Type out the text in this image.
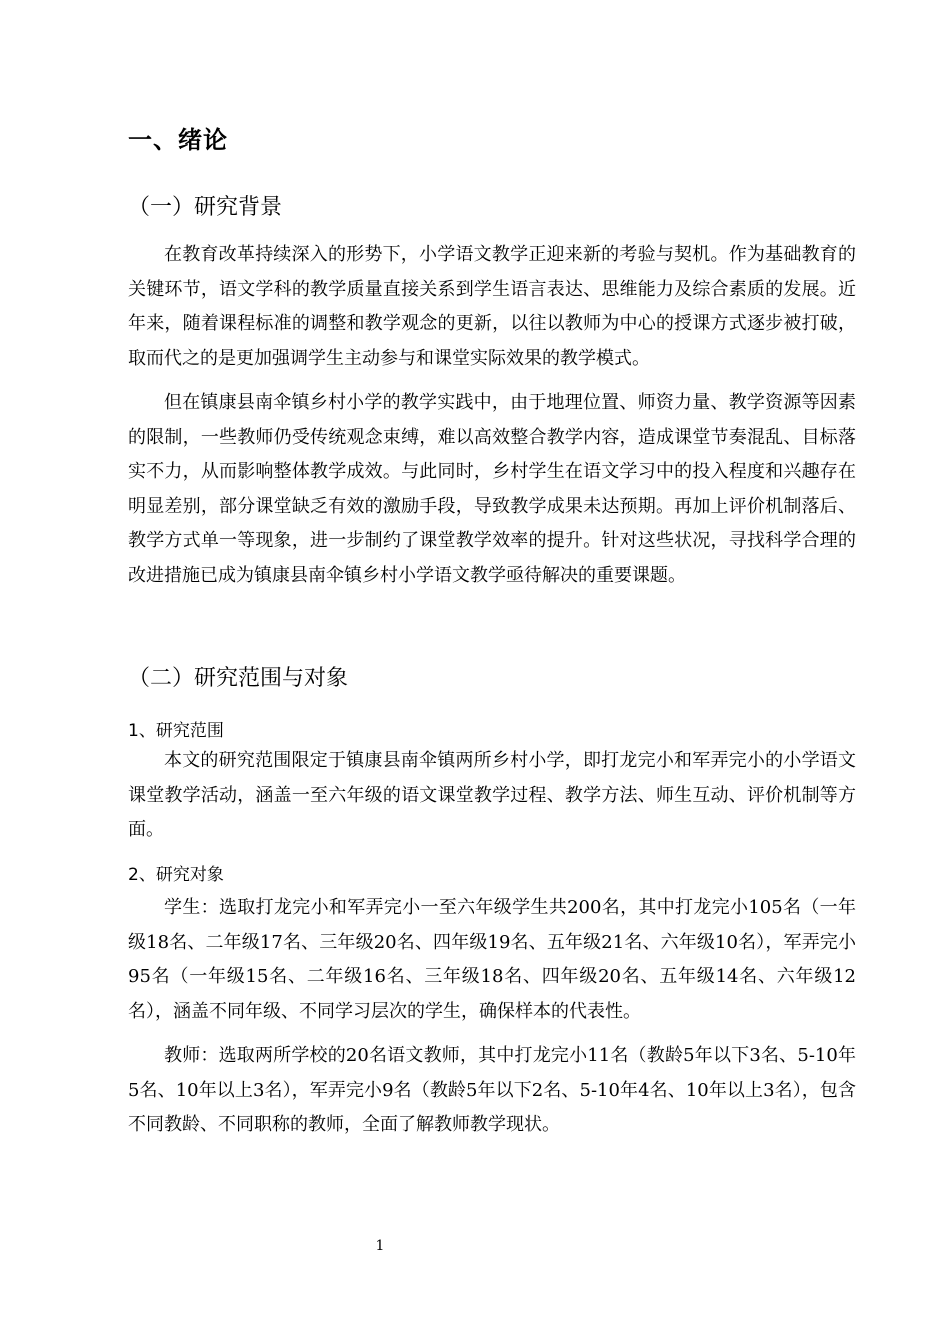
一、绪论
（一）研究背景

在教育改革持续深入的形势下，小学语文教学正迎来新的考验与契机。作为基础教育的关键环节，语文学科的教学质量直接关系到学生语言表达、思维能力及综合素质的发展。近年来，随着课程标准的调整和教学观念的更新，以往以教师为中心的授课方式逐步被打破，取而代之的是更加强调学生主动参与和课堂实际效果的教学模式。

但在镇康县南伞镇乡村小学的教学实践中，由于地理位置、师资力量、教学资源等因素的限制，一些教师仍受传统观念束缚，难以高效整合教学内容，造成课堂节奏混乱、目标落实不力，从而影响整体教学成效。与此同时，乡村学生在语文学习中的投入程度和兴趣存在明显差别，部分课堂缺乏有效的激励手段，导致教学成果未达预期。再加上评价机制落后、教学方式单一等现象，进一步制约了课堂教学效率的提升。针对这些状况，寻找科学合理的改进措施已成为镇康县南伞镇乡村小学语文教学亟待解决的重要课题。

（二）研究范围与对象
1、研究范围

本文的研究范围限定于镇康县南伞镇两所乡村小学，即打龙完小和军弄完小的小学语文课堂教学活动，涵盖一至六年级的语文课堂教学过程、教学方法、师生互动、评价机制等方面。

2、研究对象

学生：选取打龙完小和军弄完小一至六年级学生共200名，其中打龙完小105名（一年级18名、二年级17名、三年级20名、四年级19名、五年级21名、六年级10名），军弄完小95名（一年级15名、二年级16名、三年级18名、四年级20名、五年级14名、六年级12名），涵盖不同年级、不同学习层次的学生，确保样本的代表性。

教师：选取两所学校的20名语文教师，其中打龙完小11名（教龄5年以下3名、5-10年5名、10年以上3名），军弄完小9名（教龄5年以下2名、5-10年4名、10年以上3名），包含不同教龄、不同职称的教师，全面了解教师教学现状。

1
